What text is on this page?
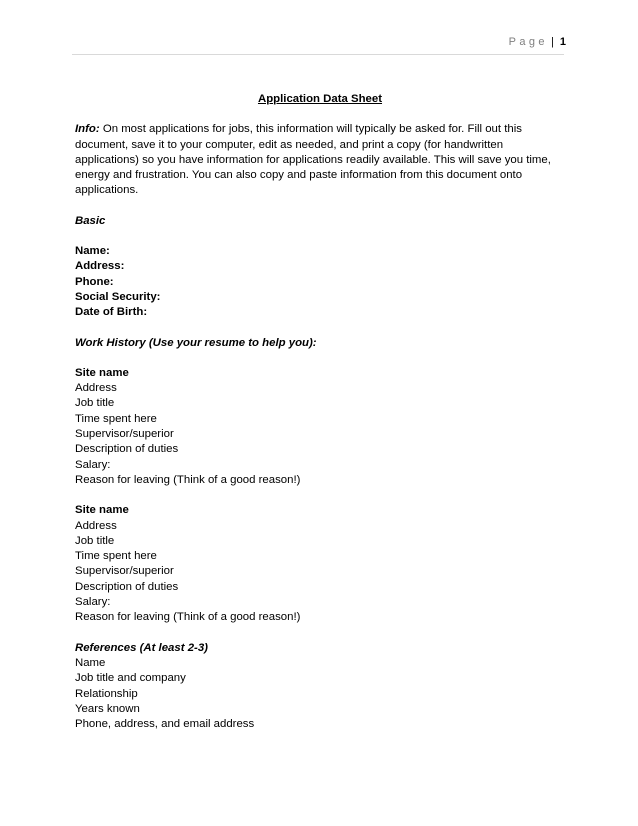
Page | 1
Application Data Sheet
Info: On most applications for jobs, this information will typically be asked for. Fill out this document, save it to your computer, edit as needed, and print a copy (for handwritten applications) so you have information for applications readily available. This will save you time, energy and frustration. You can also copy and paste information from this document onto applications.
Basic
Name:
Address:
Phone:
Social Security:
Date of Birth:
Work History (Use your resume to help you):
Site name
Address
Job title
Time spent here
Supervisor/superior
Description of duties
Salary:
Reason for leaving (Think of a good reason!)
Site name
Address
Job title
Time spent here
Supervisor/superior
Description of duties
Salary:
Reason for leaving (Think of a good reason!)
References (At least 2-3)
Name
Job title and company
Relationship
Years known
Phone, address, and email address
